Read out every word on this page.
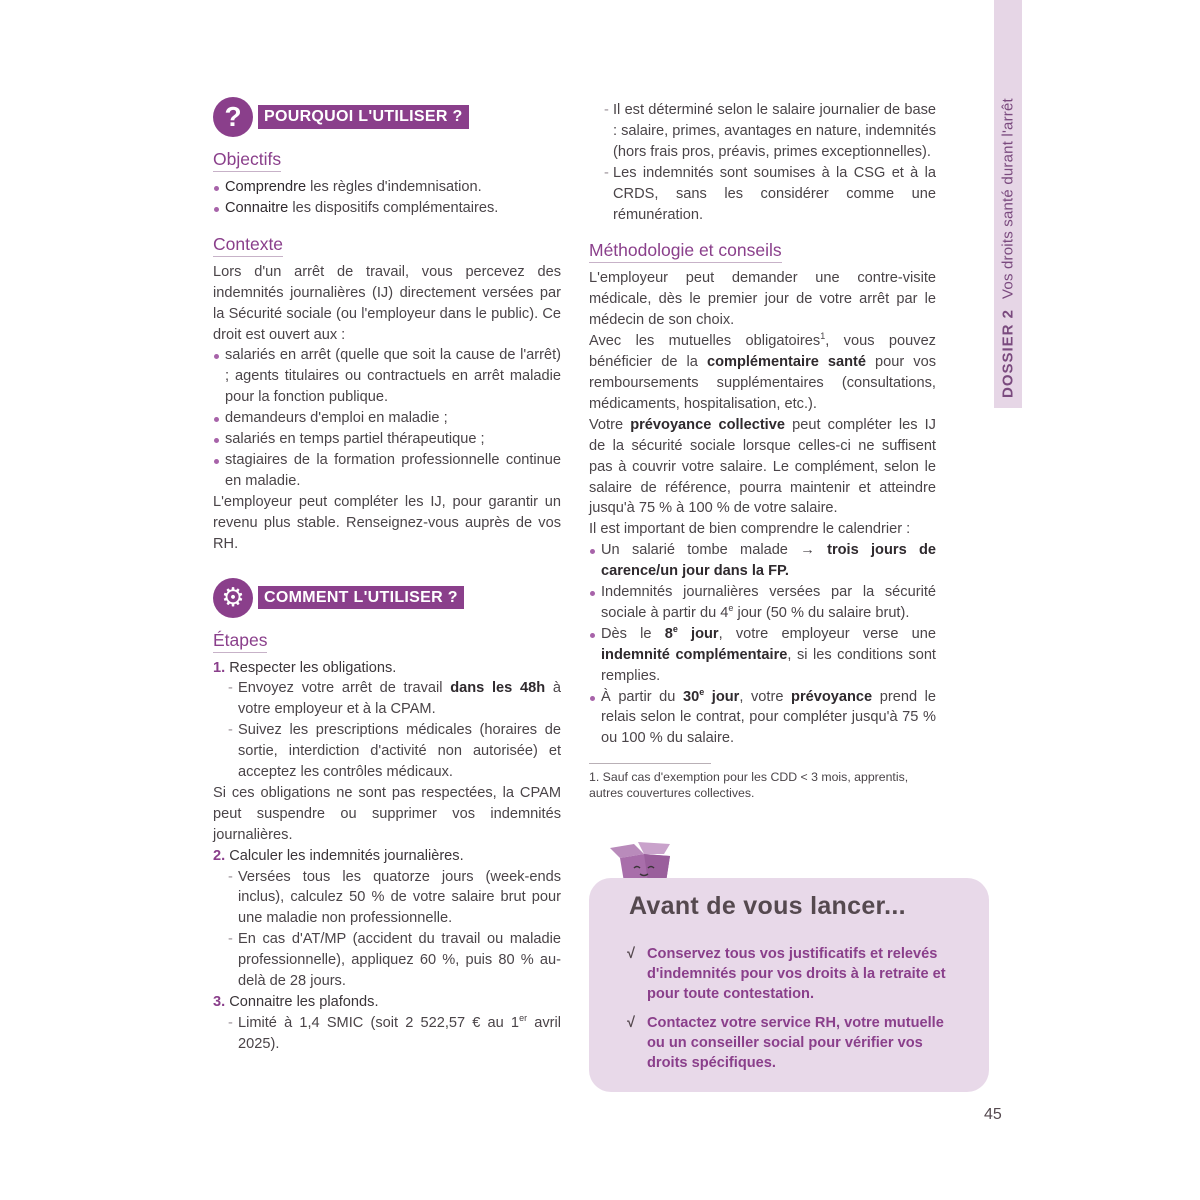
DOSSIER 2Vos droits santé durant l'arrêt
?	POURQUOI L'UTILISER ?
Objectifs
Comprendre les règles d'indemnisation.
Connaitre les dispositifs complémentaires.
Contexte

Lors d'un arrêt de travail, vous percevez des indemnités journalières (IJ) directement versées par la Sécurité sociale (ou l'employeur dans le public). Ce droit est ouvert aux :

salariés en arrêt (quelle que soit la cause de l'arrêt) ; agents titulaires ou contractuels en arrêt maladie pour la fonction publique.
demandeurs d'emploi en maladie ;
salariés en temps partiel thérapeutique ;
stagiaires de la formation professionnelle continue en maladie.

L'employeur peut compléter les IJ, pour garantir un revenu plus stable. Renseignez-vous auprès de vos RH.

⚙	COMMENT L'UTILISER ?
Étapes

1. Respecter les obligations.

- Envoyez votre arrêt de travail dans les 48h à votre employeur et à la CPAM.
- Suivez les prescriptions médicales (horaires de sortie, interdiction d'activité non autorisée) et acceptez les contrôles médicaux.

Si ces obligations ne sont pas respectées, la CPAM peut suspendre ou supprimer vos indemnités journalières.

2. Calculer les indemnités journalières.

- Versées tous les quatorze jours (week-ends inclus), calculez 50 % de votre salaire brut pour une maladie non professionnelle.
- En cas d'AT/MP (accident du travail ou maladie professionnelle), appliquez 60 %, puis 80 % au-delà de 28 jours.

3. Connaitre les plafonds.

- Limité à 1,4 SMIC (soit 2 522,57 € au 1er avril 2025).
- Il est déterminé selon le salaire journalier de base : salaire, primes, avantages en nature, indemnités (hors frais pros, préavis, primes exceptionnelles).
- Les indemnités sont soumises à la CSG et à la CRDS, sans les considérer comme une rémunération.
Méthodologie et conseils

L'employeur peut demander une contre-visite médicale, dès le premier jour de votre arrêt par le médecin de son choix.

Avec les mutuelles obligatoires$^1$, vous pouvez bénéficier de la complémentaire santé pour vos remboursements supplémentaires (consultations, médicaments, hospitalisation, etc.).

Votre prévoyance collective peut compléter les IJ de la sécurité sociale lorsque celles-ci ne suffisent pas à couvrir votre salaire. Le complément, selon le salaire de référence, pourra maintenir et atteindre jusqu'à 75 % à 100 % de votre salaire.

Il est important de bien comprendre le calendrier :

Un salarié tombe malade → trois jours de carence/un jour dans la FP.
Indemnités journalières versées par la sécurité sociale à partir du 4e jour (50 % du salaire brut).
Dès le 8e jour, votre employeur verse une indemnité complémentaire, si les conditions sont remplies.
À partir du 30e jour, votre prévoyance prend le relais selon le contrat, pour compléter jusqu'à 75 % ou 100 % du salaire.

1. Sauf cas d'exemption pour les CDD < 3 mois, apprentis, autres couvertures collectives.

Avant de vous lancer...
√ Conservez tous vos justificatifs et relevés d'indemnités pour vos droits à la retraite et pour toute contestation.
√ Contactez votre service RH, votre mutuelle ou un conseiller social pour vérifier vos droits spécifiques.
45
